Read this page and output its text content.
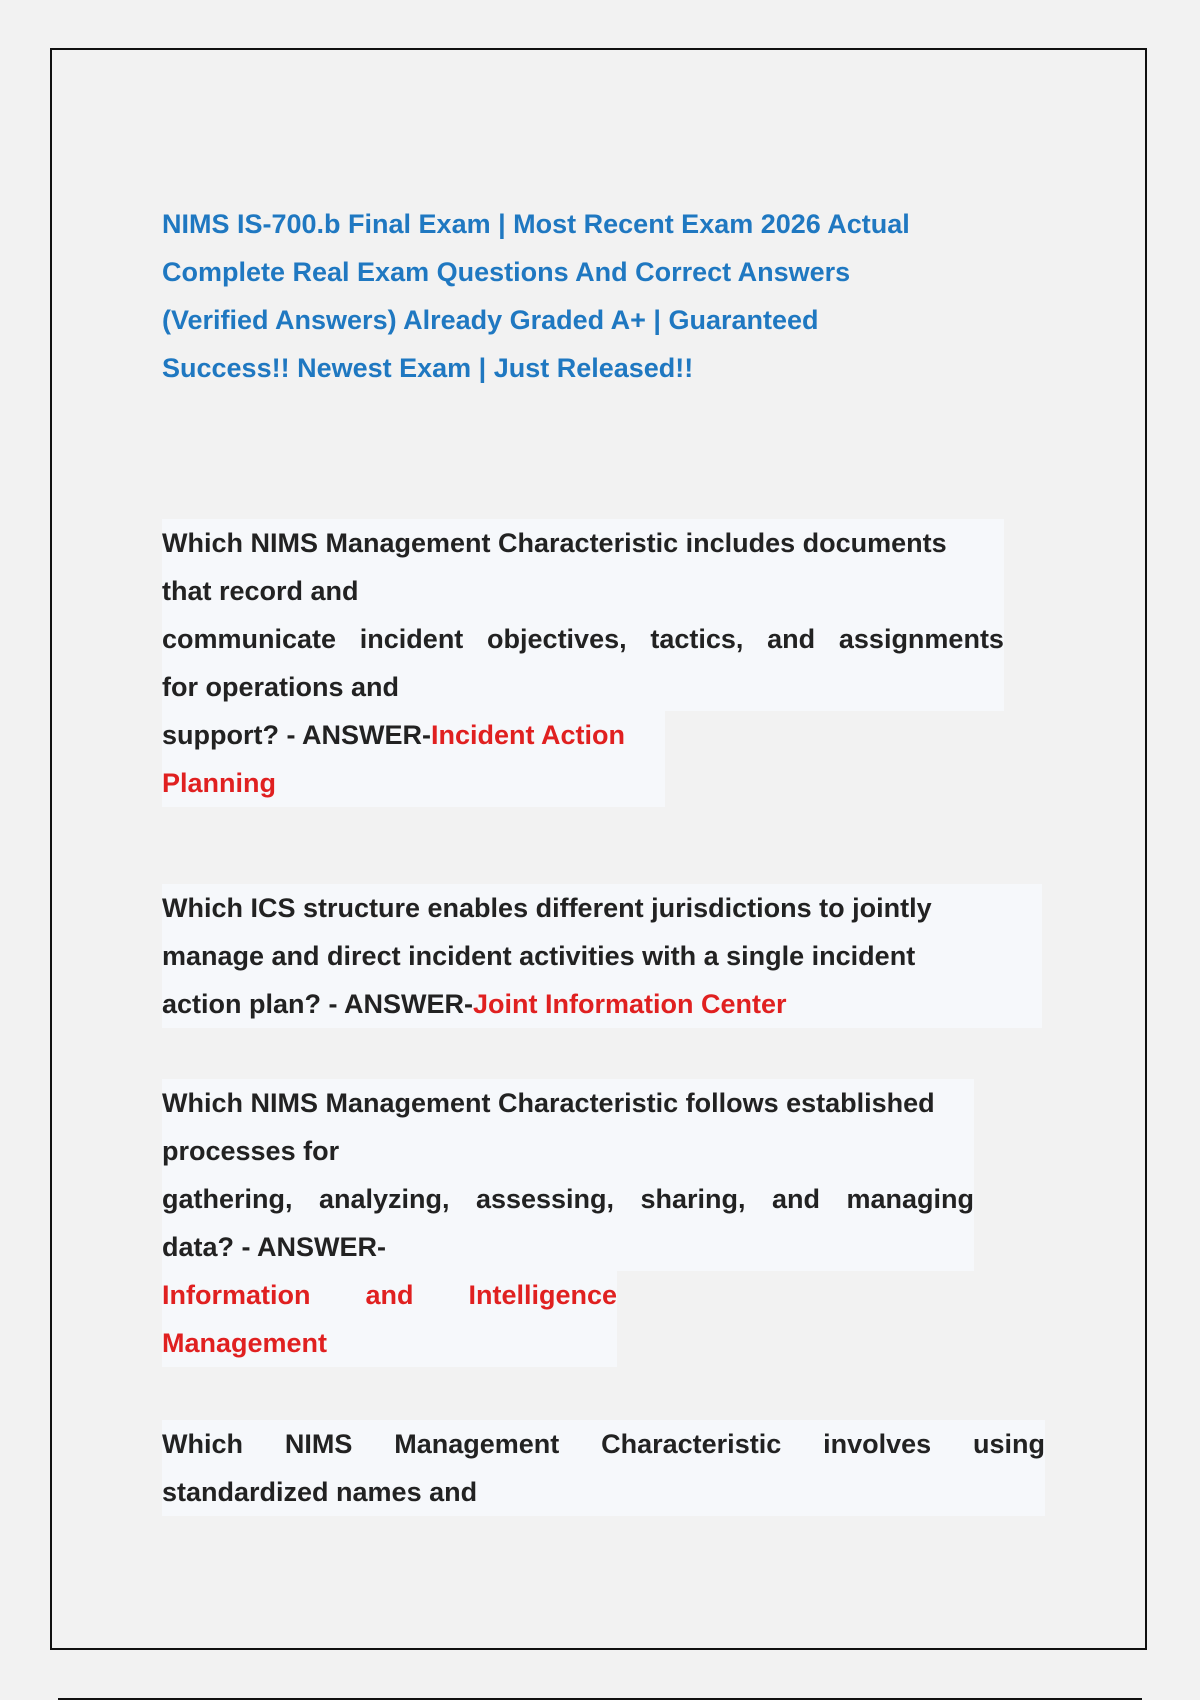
NIMS IS-700.b Final Exam | Most Recent Exam 2026 Actual
Complete Real Exam Questions And Correct Answers
(Verified Answers) Already Graded A+ | Guaranteed
Success!! Newest Exam | Just Released!!
Which NIMS Management Characteristic includes documents
that record and
communicate incident objectives, tactics, and assignments
for operations and
support? - ANSWER-Incident Action
Planning
Which ICS structure enables different jurisdictions to jointly
manage and direct incident activities with a single incident
action plan? - ANSWER-Joint Information Center
Which NIMS Management Characteristic follows established
processes for
gathering, analyzing, assessing, sharing, and managing
data? - ANSWER-
Information and Intelligence
Management
Which NIMS Management Characteristic involves using
standardized names and
